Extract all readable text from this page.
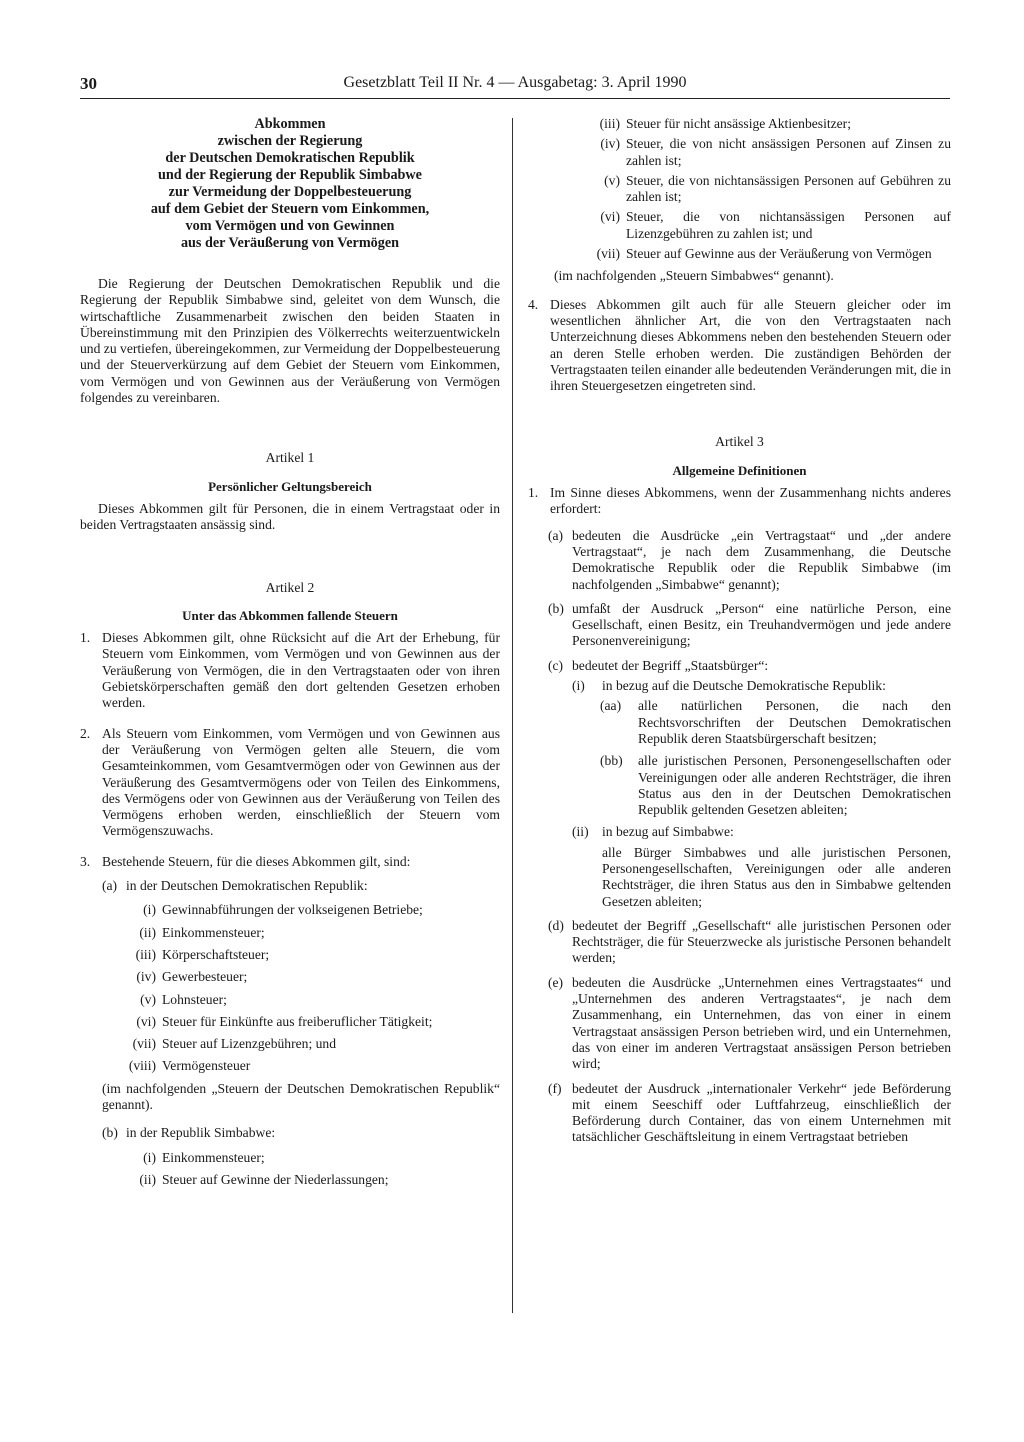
30	Gesetzblatt Teil II Nr. 4 — Ausgabetag: 3. April 1990
Abkommen
zwischen der Regierung
der Deutschen Demokratischen Republik
und der Regierung der Republik Simbabwe
zur Vermeidung der Doppelbesteuerung
auf dem Gebiet der Steuern vom Einkommen,
vom Vermögen und von Gewinnen
aus der Veräußerung von Vermögen

Die Regierung der Deutschen Demokratischen Republik und die Regierung der Republik Simbabwe sind, geleitet von dem Wunsch, die wirtschaftliche Zusammenarbeit zwischen den beiden Staaten in Übereinstimmung mit den Prinzipien des Völkerrechts weiterzuentwickeln und zu vertiefen, übereingekommen, zur Vermeidung der Doppelbesteuerung und der Steuerverkürzung auf dem Gebiet der Steuern vom Einkommen, vom Vermögen und von Gewinnen aus der Veräußerung von Vermögen folgendes zu vereinbaren.

Artikel 1
Persönlicher Geltungsbereich

Dieses Abkommen gilt für Personen, die in einem Vertragstaat oder in beiden Vertragstaaten ansässig sind.

Artikel 2
Unter das Abkommen fallende Steuern
1. Dieses Abkommen gilt, ohne Rücksicht auf die Art der Erhebung, für Steuern vom Einkommen, vom Vermögen und von Gewinnen aus der Veräußerung von Vermögen, die in den Vertragstaaten oder von ihren Gebietskörperschaften gemäß den dort geltenden Gesetzen erhoben werden.
2. Als Steuern vom Einkommen, vom Vermögen und von Gewinnen aus der Veräußerung von Vermögen gelten alle Steuern, die vom Gesamteinkommen, vom Gesamtvermögen oder von Gewinnen aus der Veräußerung des Gesamtvermögens oder von Teilen des Einkommens, des Vermögens oder von Gewinnen aus der Veräußerung von Teilen des Vermögens erhoben werden, einschließlich der Steuern vom Vermögenszuwachs.
3. Bestehende Steuern, für die dieses Abkommen gilt, sind:
(a) in der Deutschen Demokratischen Republik:
(i) Gewinnabführungen der volkseigenen Betriebe;
(ii) Einkommensteuer;
(iii) Körperschaftsteuer;
(iv) Gewerbesteuer;
(v) Lohnsteuer;
(vi) Steuer für Einkünfte aus freiberuflicher Tätigkeit;
(vii) Steuer auf Lizenzgebühren; und
(viii) Vermögensteuer

(im nachfolgenden „Steuern der Deutschen Demokratischen Republik“ genannt).

(b) in der Republik Simbabwe:
(i) Einkommensteuer;
(ii) Steuer auf Gewinne der Niederlassungen;
(iii) Steuer für nicht ansässige Aktienbesitzer;
(iv) Steuer, die von nicht ansässigen Personen auf Zinsen zu zahlen ist;
(v) Steuer, die von nichtansässigen Personen auf Gebühren zu zahlen ist;
(vi) Steuer, die von nichtansässigen Personen auf Lizenzgebühren zu zahlen ist; und
(vii) Steuer auf Gewinne aus der Veräußerung von Vermögen

(im nachfolgenden „Steuern Simbabwes“ genannt).

4. Dieses Abkommen gilt auch für alle Steuern gleicher oder im wesentlichen ähnlicher Art, die von den Vertragstaaten nach Unterzeichnung dieses Abkommens neben den bestehenden Steuern oder an deren Stelle erhoben werden. Die zuständigen Behörden der Vertragstaaten teilen einander alle bedeutenden Veränderungen mit, die in ihren Steuergesetzen eingetreten sind.
Artikel 3
Allgemeine Definitionen
1. Im Sinne dieses Abkommens, wenn der Zusammenhang nichts anderes erfordert:
(a) bedeuten die Ausdrücke „ein Vertragstaat“ und „der andere Vertragstaat“, je nach dem Zusammenhang, die Deutsche Demokratische Republik oder die Republik Simbabwe (im nachfolgenden „Simbabwe“ genannt);
(b) umfaßt der Ausdruck „Person“ eine natürliche Person, eine Gesellschaft, einen Besitz, ein Treuhandvermögen und jede andere Personenvereinigung;
(c) bedeutet der Begriff „Staatsbürger“:
(i) in bezug auf die Deutsche Demokratische Republik:
(aa) alle natürlichen Personen, die nach den Rechtsvorschriften der Deutschen Demokratischen Republik deren Staatsbürgerschaft besitzen;
(bb) alle juristischen Personen, Personengesellschaften oder Vereinigungen oder alle anderen Rechtsträger, die ihren Status aus den in der Deutschen Demokratischen Republik geltenden Gesetzen ableiten;
(ii) in bezug auf Simbabwe:

alle Bürger Simbabwes und alle juristischen Personen, Personengesellschaften, Vereinigungen oder alle anderen Rechtsträger, die ihren Status aus den in Simbabwe geltenden Gesetzen ableiten;

(d) bedeutet der Begriff „Gesellschaft“ alle juristischen Personen oder Rechtsträger, die für Steuerzwecke als juristische Personen behandelt werden;
(e) bedeuten die Ausdrücke „Unternehmen eines Vertragstaates“ und „Unternehmen des anderen Vertragstaates“, je nach dem Zusammenhang, ein Unternehmen, das von einer in einem Vertragstaat ansässigen Person betrieben wird, und ein Unternehmen, das von einer im anderen Vertragstaat ansässigen Person betrieben wird;
(f) bedeutet der Ausdruck „internationaler Verkehr“ jede Beförderung mit einem Seeschiff oder Luftfahrzeug, einschließlich der Beförderung durch Container, das von einem Unternehmen mit tatsächlicher Geschäftsleitung in einem Vertragstaat betrieben
